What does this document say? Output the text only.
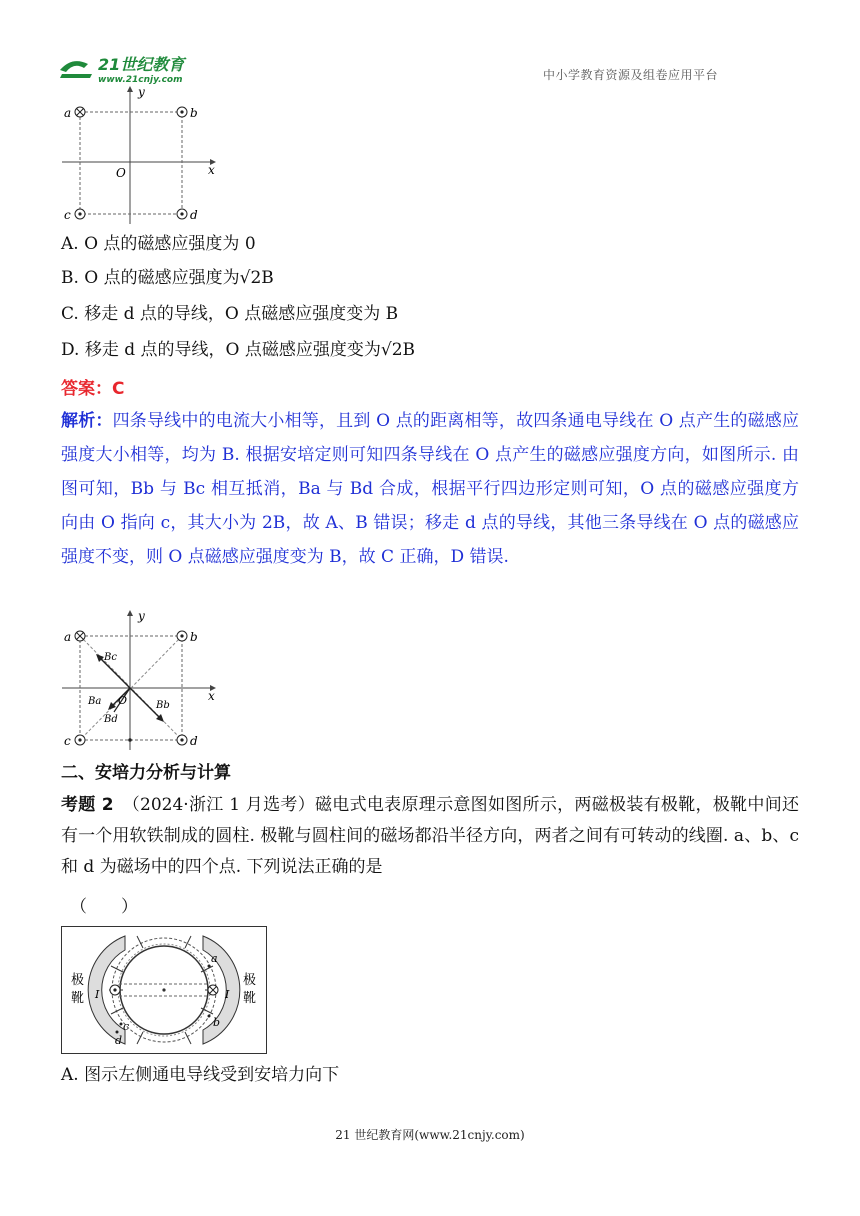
21世纪教育
www.21cnjy.com	中小学教育资源及组卷应用平台
a	b
c	d
O	x
y
A. O 点的磁感应强度为 0
B. O 点的磁感应强度为√2B
C. 移走 d 点的导线，O 点磁感应强度变为 B
D. 移走 d 点的导线，O 点磁感应强度变为√2B
答案：C
解析：四条导线中的电流大小相等，且到 O 点的距离相等，故四条通电导线在 O 点产生的磁感应强度大小相等，均为 B. 根据安培定则可知四条导线在 O 点产生的磁感应强度方向，如图所示. 由图可知，Bb 与 Bc 相互抵消，Ba 与 Bd 合成，根据平行四边形定则可知，O 点的磁感应强度方向由 O 指向 c，其大小为 2B，故 A、B 错误；移走 d 点的导线，其他三条导线在 O 点的磁感应强度不变，则 O 点磁感应强度变为 B，故 C 正确，D 错误.
a	b
c	d
O	x
y
Bc
Bb
Ba
Bd
二、安培力分析与计算
考题 2　 （2024·浙江 1 月选考）磁电式电表原理示意图如图所示，两磁极装有极靴，极靴中间还有一个用软铁制成的圆柱. 极靴与圆柱间的磁场都沿半径方向，两者之间有可转动的线圈. a、b、c 和 d 为磁场中的四个点. 下列说法正确的是
（　　）
极
靴
极
靴
a
b
c
d
I	I
A. 图示左侧通电导线受到安培力向下
21 世纪教育网(www.21cnjy.com)
